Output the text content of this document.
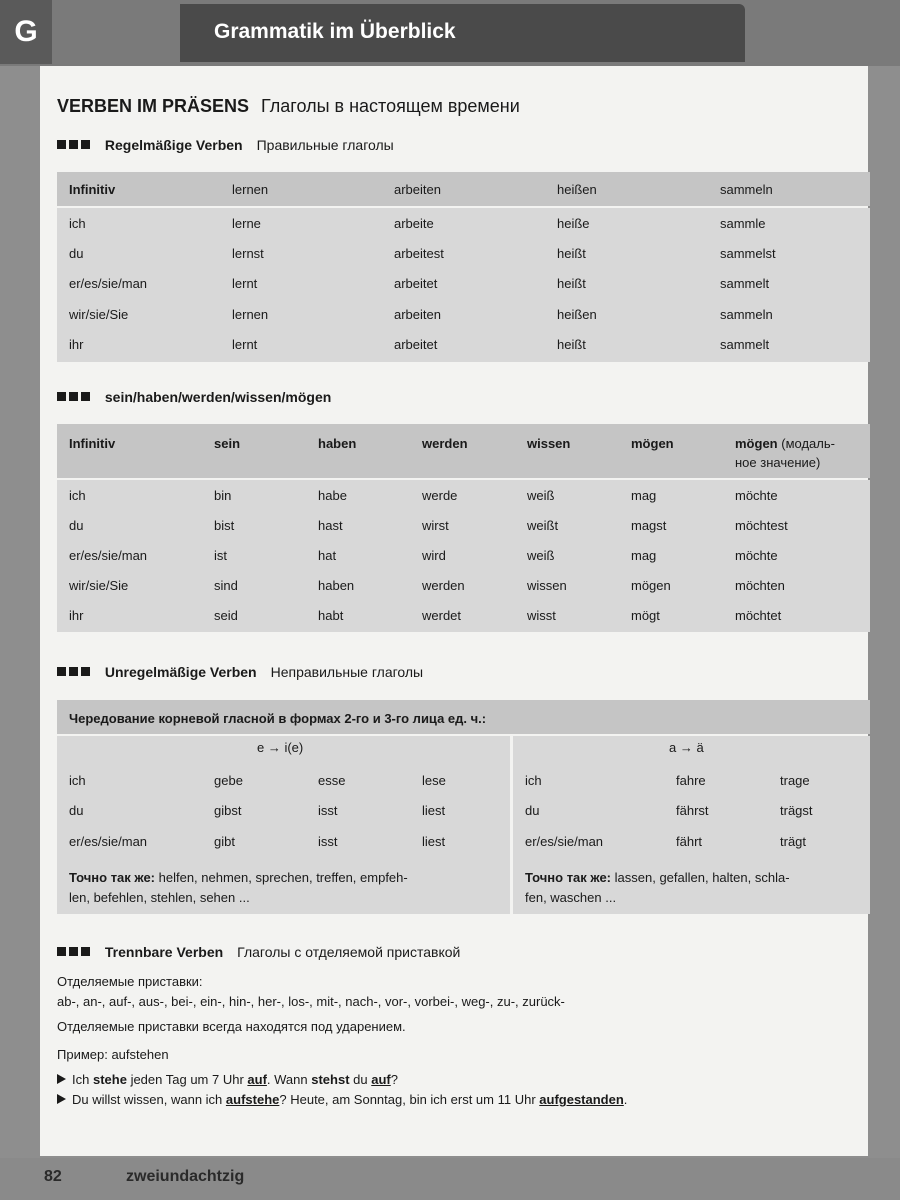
G	Grammatik im Überblick
VERBEN IM PRÄSENS Глаголы в настоящем времени
Regelmäßige Verben Правильные глаголы
Infinitiv	lernen	arbeiten	heißen	sammeln
ich	lerne	arbeite	heiße	sammle
du	lernst	arbeitest	heißt	sammelst
er/es/sie/man	lernt	arbeitet	heißt	sammelt
wir/sie/Sie	lernen	arbeiten	heißen	sammeln
ihr	lernt	arbeitet	heißt	sammelt
sein/haben/werden/wissen/mögen
Infinitiv	sein	haben	werden	wissen	mögen	mögen (модаль-
ное значение)
ich	bin	habe	werde	weiß	mag	möchte
du	bist	hast	wirst	weißt	magst	möchtest
er/es/sie/man	ist	hat	wird	weiß	mag	möchte
wir/sie/Sie	sind	haben	werden	wissen	mögen	möchten
ihr	seid	habt	werdet	wisst	mögt	möchtet
Unregelmäßige Verben Неправильные глаголы
Чередование корневой гласной в формах 2-го и 3-го лица ед. ч.:
e → i(e)
ich	gebe	esse	lese
du	gibst	isst	liest
er/es/sie/man	gibt	isst	liest
Точно так же: helfen, nehmen, sprechen, treffen, empfeh-
len, befehlen, stehlen, sehen ...
a → ä
ich	fahre	trage
du	fährst	trägst
er/es/sie/man	fährt	trägt
Точно так же: lassen, gefallen, halten, schla-
fen, waschen ...
Trennbare Verben Глаголы с отделяемой приставкой
Отделяемые приставки:
ab-, an-, auf-, aus-, bei-, ein-, hin-, her-, los-, mit-, nach-, vor-, vorbei-, weg-, zu-, zurück-
Отделяемые приставки всегда находятся под ударением.
Пример: aufstehen
Ich stehe jeden Tag um 7 Uhr auf. Wann stehst du auf?
Du willst wissen, wann ich aufstehe? Heute, am Sonntag, bin ich erst um 11 Uhr aufgestanden.
82	zweiundachtzig
